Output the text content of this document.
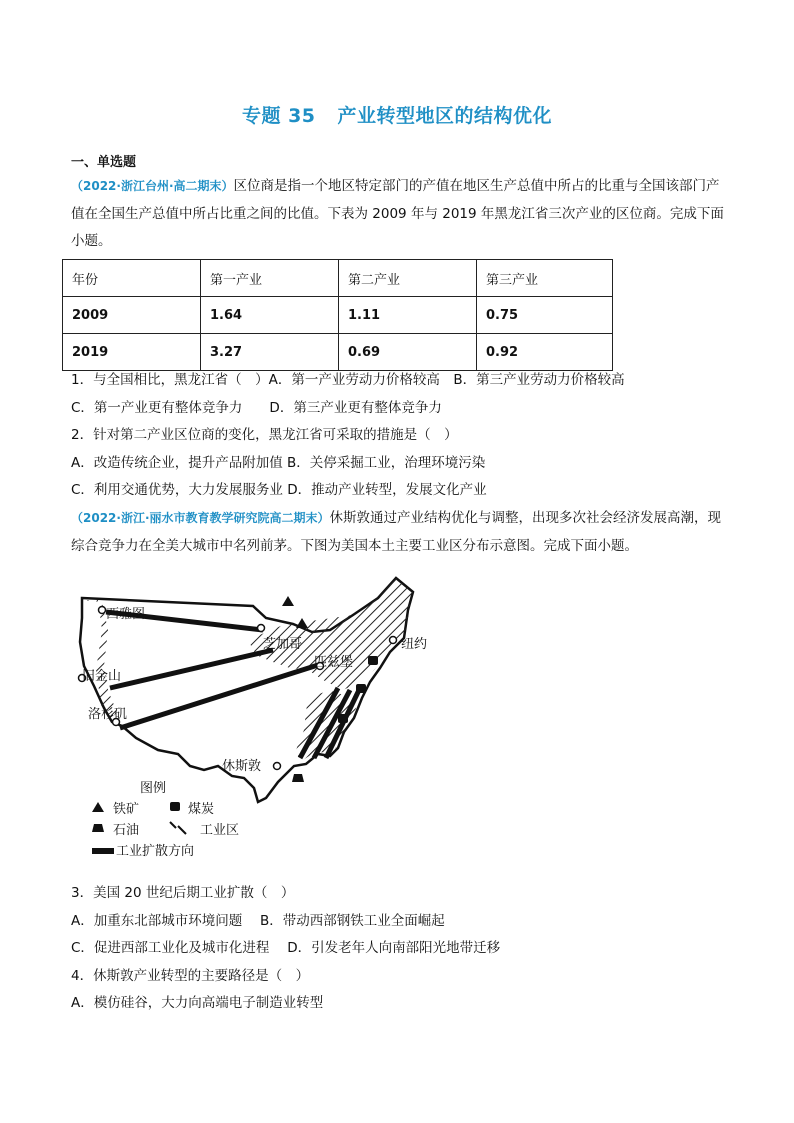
专题 35 产业转型地区的结构优化
一、单选题
（2022·浙江台州·高二期末）区位商是指一个地区特定部门的产值在地区生产总值中所占的比重与全国该部门产值在全国生产总值中所占比重之间的比值。下表为 2009 年与 2019 年黑龙江省三次产业的区位商。完成下面小题。
年份	第一产业	第二产业	第三产业
2009	1.64	1.11	0.75
2019	3.27	0.69	0.92
1．与全国相比，黑龙江省（　）A．第一产业劳动力价格较高　B．第三产业劳动力价格较高
C．第一产业更有整体竞争力　　D．第三产业更有整体竞争力
2．针对第二产业区位商的变化，黑龙江省可采取的措施是（　）
A．改造传统企业，提升产品附加值 B．关停采掘工业，治理环境污染
C．利用交通优势，大力发展服务业 D．推动产业转型，发展文化产业
（2022·浙江·丽水市教育教学研究院高二期末）休斯敦通过产业结构优化与调整，出现多次社会经济发展高潮，现综合竞争力在全美大城市中名列前茅。下图为美国本土主要工业区分布示意图。完成下面小题。
西雅图
芝加哥	纽约
匹兹堡
旧金山
洛杉矶
休斯敦
图例
铁矿	煤炭
石油	工业区
工业扩散方向
3．美国 20 世纪后期工业扩散（　）
A．加重东北部城市环境问题　 B．带动西部钢铁工业全面崛起
C．促进西部工业化及城市化进程　 D．引发老年人向南部阳光地带迁移
4．休斯敦产业转型的主要路径是（　）
A．模仿硅谷，大力向高端电子制造业转型
